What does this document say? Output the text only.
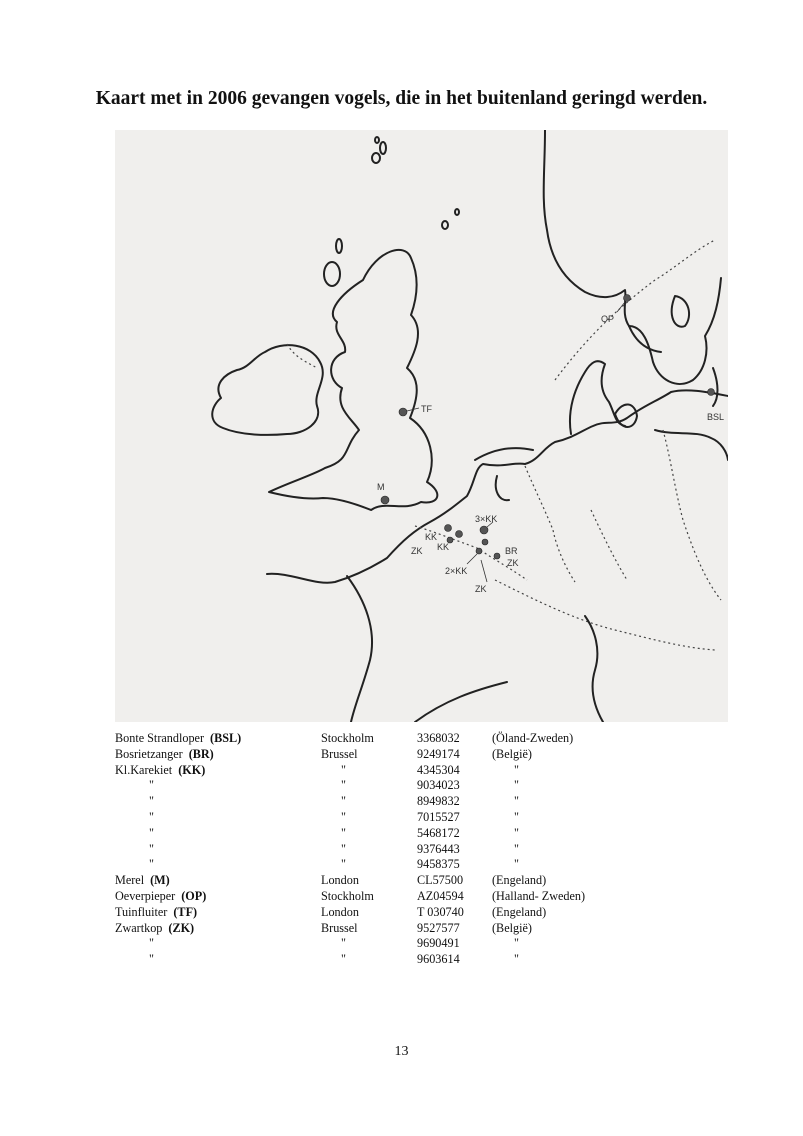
Kaart met in 2006 gevangen vogels, die in het buitenland geringd werden.
TF
M
OP
BSL
KK
ZK KK
3×KK
BR
2×KK
ZK
ZK
Bonte Strandloper (BSL)	Stockholm	3368032	(Öland-Zweden)
Bosrietzanger (BR)	Brussel	9249174	(België)
Kl.Karekiet (KK)	"	4345304	"
"	"	9034023	"
"	"	8949832	"
"	"	7015527	"
"	"	5468172	"
"	"	9376443	"
"	"	9458375	"
Merel (M)	London	CL57500	(Engeland)
Oeverpieper (OP)	Stockholm	AZ04594	(Halland- Zweden)
Tuinfluiter (TF)	London	T 030740	(Engeland)
Zwartkop (ZK)	Brussel	9527577	(België)
"	"	9690491	"
"	"	9603614	"
13
